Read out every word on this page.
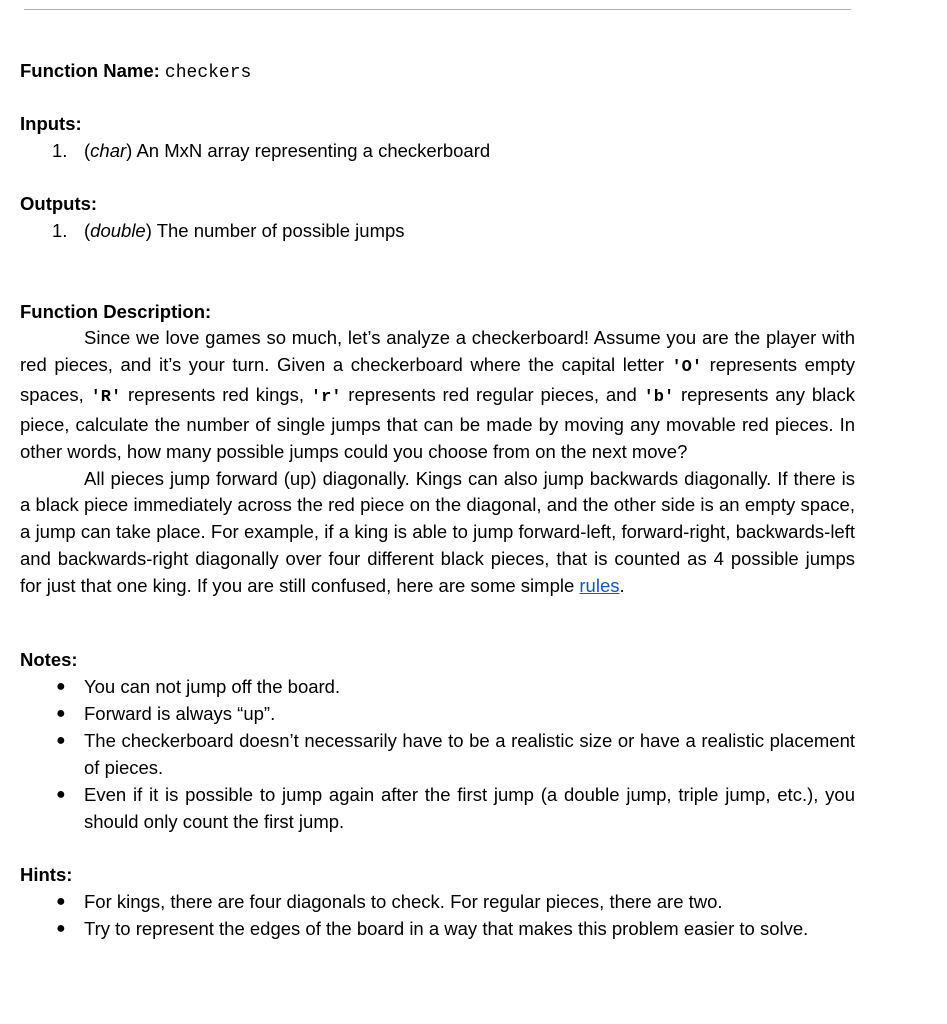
Function Name: checkers

Inputs:

1. (char) An MxN array representing a checkerboard

Outputs:

1. (double) The number of possible jumps

Function Description:

Since we love games so much, let’s analyze a checkerboard! Assume you are the player with red pieces, and it’s your turn. Given a checkerboard where the capital letter 'O' represents empty spaces, 'R' represents red kings, 'r' represents red regular pieces, and 'b' represents any black piece, calculate the number of single jumps that can be made by moving any movable red pieces. In other words, how many possible jumps could you choose from on the next move?

All pieces jump forward (up) diagonally. Kings can also jump backwards diagonally. If there is a black piece immediately across the red piece on the diagonal, and the other side is an empty space, a jump can take place. For example, if a king is able to jump forward-left, forward-right, backwards-left and backwards-right diagonally over four different black pieces, that is counted as 4 possible jumps for just that one king. If you are still confused, here are some simple rules.

Notes:

● You can not jump off the board.
● Forward is always “up”.
● The checkerboard doesn’t necessarily have to be a realistic size or have a realistic placement of pieces.
● Even if it is possible to jump again after the first jump (a double jump, triple jump, etc.), you should only count the first jump.

Hints:

● For kings, there are four diagonals to check. For regular pieces, there are two.
● Try to represent the edges of the board in a way that makes this problem easier to solve.
